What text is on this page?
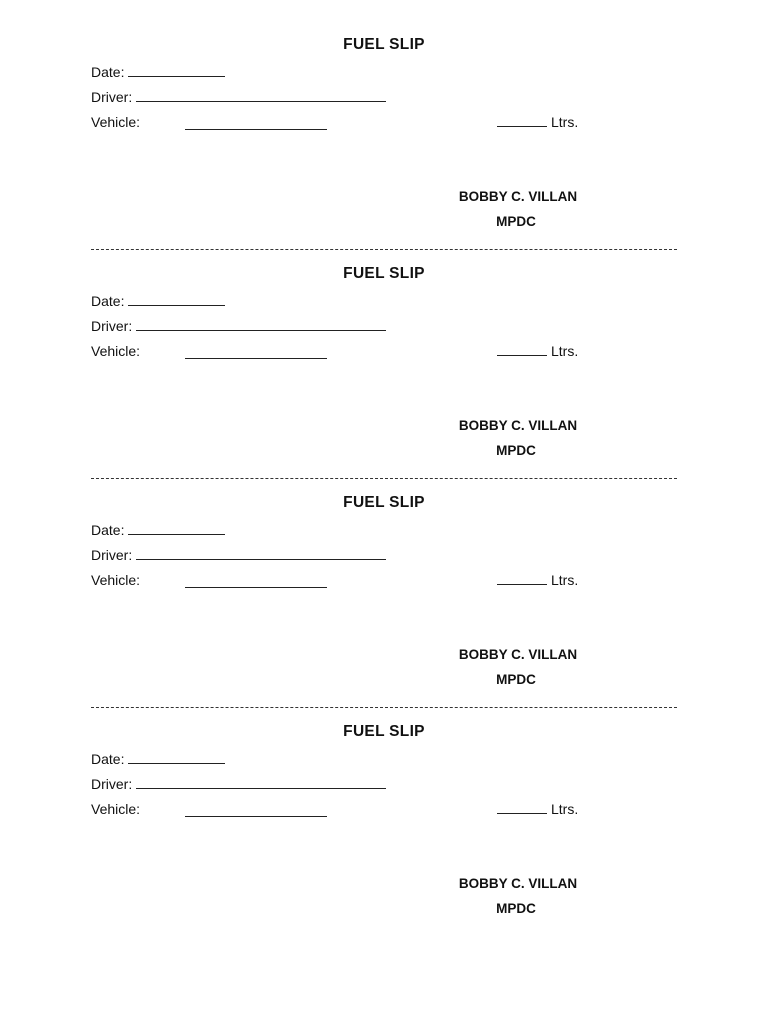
FUEL SLIP
Date:
Driver:
Vehicle:	Ltrs.
BOBBY C. VILLAN
MPDC
FUEL SLIP
Date:
Driver:
Vehicle:	Ltrs.
BOBBY C. VILLAN
MPDC
FUEL SLIP
Date:
Driver:
Vehicle:	Ltrs.
BOBBY C. VILLAN
MPDC
FUEL SLIP
Date:
Driver:
Vehicle:	Ltrs.
BOBBY C. VILLAN
MPDC
